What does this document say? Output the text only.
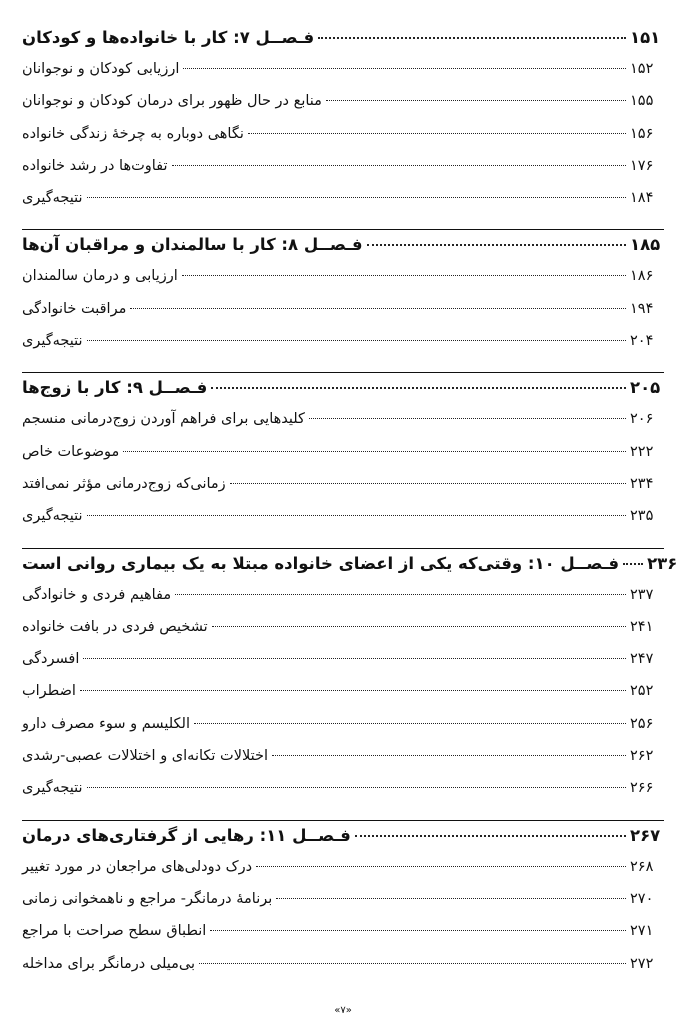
فـصــل ۷: کار با خانواده‌ها و کودکان	۱۵۱
ارزیابی کودکان و نوجوانان	۱۵۲
منابع در حال ظهور برای درمان کودکان و نوجوانان	۱۵۵
نگاهی دوباره به چرخهٔ زندگی خانواده	۱۵۶
تفاوت‌ها در رشد خانواده	۱۷۶
نتیجه‌گیری	۱۸۴
فـصــل ۸: کار با سالمندان و مراقبان آن‌ها	۱۸۵
ارزیابی و درمان سالمندان	۱۸۶
مراقبت خانوادگی	۱۹۴
نتیجه‌گیری	۲۰۴
فـصــل ۹: کار با زوج‌ها	۲۰۵
کلیدهایی برای فراهم آوردن زوج‌درمانی منسجم	۲۰۶
موضوعات خاص	۲۲۲
زمانی‌که زوج‌درمانی مؤثر نمی‌افتد	۲۳۴
نتیجه‌گیری	۲۳۵
فـصــل ۱۰: وقتی‌که یکی از اعضای خانواده مبتلا به یک بیماری روانی است	۲۳۶
مفاهیم فردی و خانوادگی	۲۳۷
تشخیص فردی در بافت خانواده	۲۴۱
افسردگی	۲۴۷
اضطراب	۲۵۲
الکلیسم و سوء مصرف دارو	۲۵۶
اختلالات تکانه‌ای و اختلالات عصبی-رشدی	۲۶۲
نتیجه‌گیری	۲۶۶
فـصــل ۱۱: رهایی از گرفتاری‌های درمان	۲۶۷
درک دودلی‌های مراجعان در مورد تغییر	۲۶۸
برنامهٔ درمانگر- مراجع و ناهمخوانی زمانی	۲۷۰
انطباق سطح صراحت با مراجع	۲۷۱
بی‌میلی درمانگر برای مداخله	۲۷۲
«۷»
